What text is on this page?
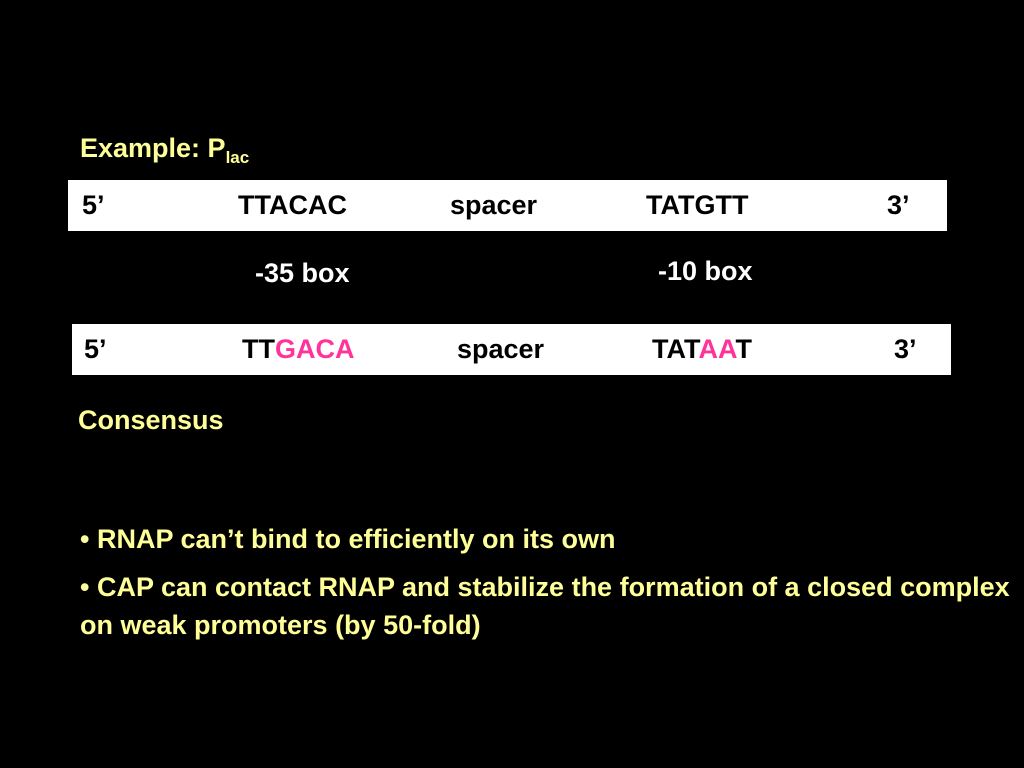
Example: $P_{lac}$
5’	TTACAC	spacer	TATGTT	3’
-35 box	-10 box
5’	TTGACA	spacer	TATAAT	3’
Consensus
• RNAP can’t bind to efficiently on its own
• CAP can contact RNAP and stabilize the formation of a closed complex on weak promoters (by 50-fold)
